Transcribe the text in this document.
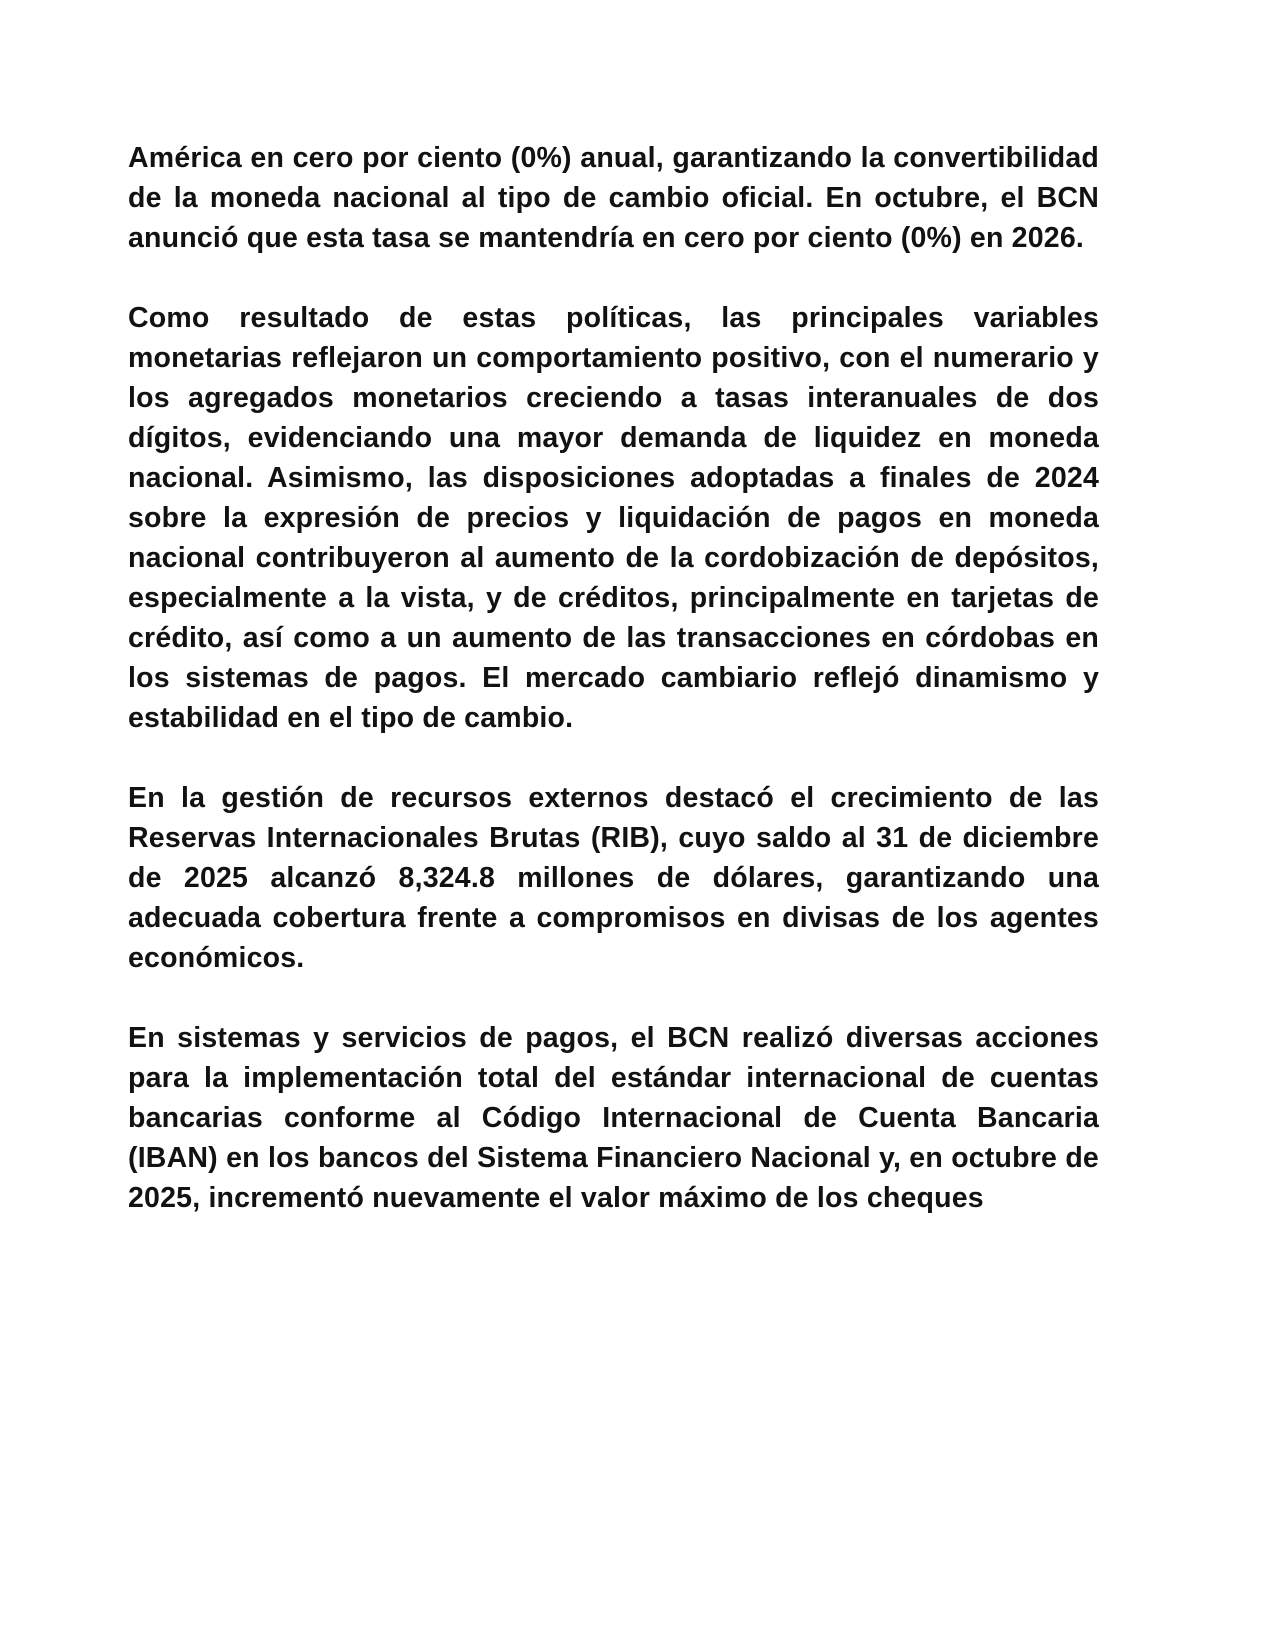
América en cero por ciento (0%) anual, garantizando la convertibilidad de la moneda nacional al tipo de cambio oficial. En octubre, el BCN anunció que esta tasa se mantendría en cero por ciento (0%) en 2026.

Como resultado de estas políticas, las principales variables monetarias reflejaron un comportamiento positivo, con el numerario y los agregados monetarios creciendo a tasas interanuales de dos dígitos, evidenciando una mayor demanda de liquidez en moneda nacional. Asimismo, las disposiciones adoptadas a finales de 2024 sobre la expresión de precios y liquidación de pagos en moneda nacional contribuyeron al aumento de la cordobización de depósitos, especialmente a la vista, y de créditos, principalmente en tarjetas de crédito, así como a un aumento de las transacciones en córdobas en los sistemas de pagos. El mercado cambiario reflejó dinamismo y estabilidad en el tipo de cambio.

En la gestión de recursos externos destacó el crecimiento de las Reservas Internacionales Brutas (RIB), cuyo saldo al 31 de diciembre de 2025 alcanzó 8,324.8 millones de dólares, garantizando una adecuada cobertura frente a compromisos en divisas de los agentes económicos.

En sistemas y servicios de pagos, el BCN realizó diversas acciones para la implementación total del estándar internacional de cuentas bancarias conforme al Código Internacional de Cuenta Bancaria (IBAN) en los bancos del Sistema Financiero Nacional y, en octubre de 2025, incrementó nuevamente el valor máximo de los cheques
